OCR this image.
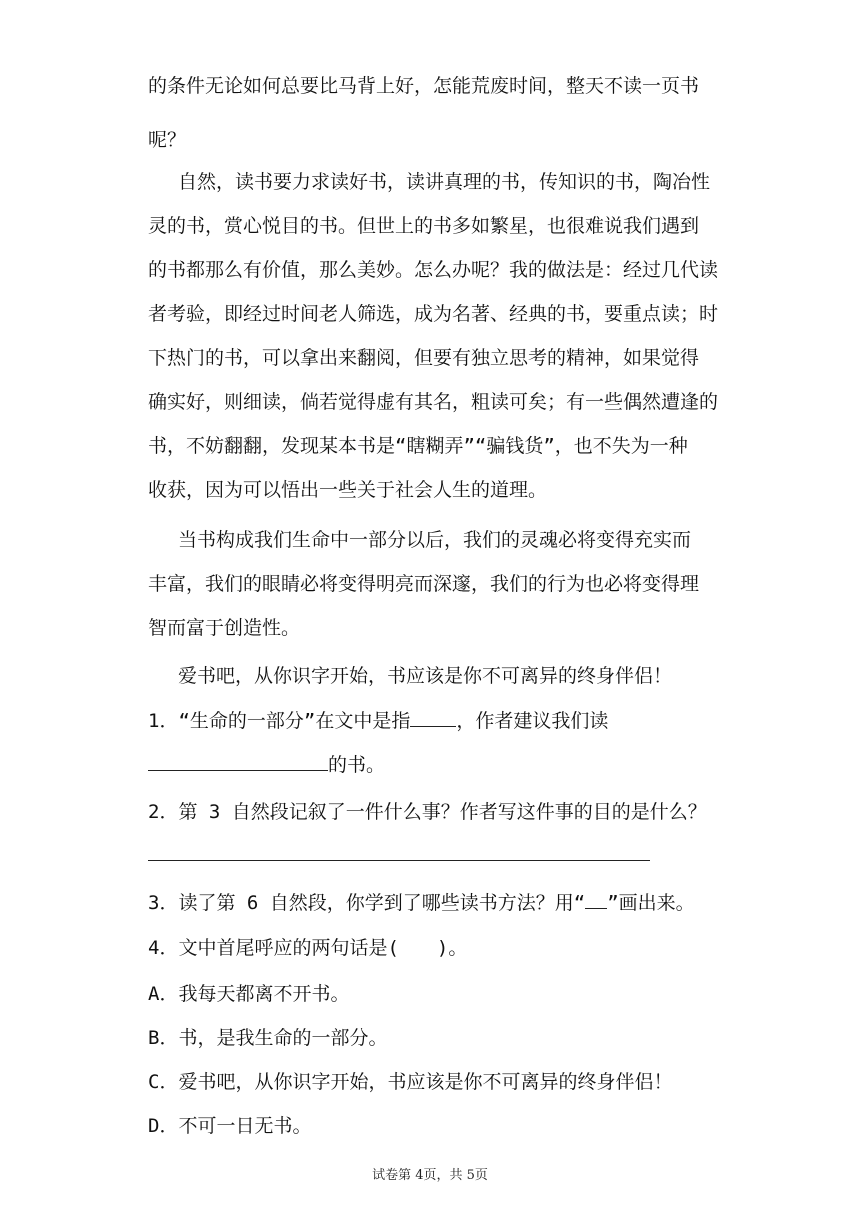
的条件无论如何总要比马背上好，怎能荒废时间，整天不读一页书
呢？
自然，读书要力求读好书，读讲真理的书，传知识的书，陶冶性
灵的书，赏心悦目的书。但世上的书多如繁星，也很难说我们遇到
的书都那么有价值，那么美妙。怎么办呢？我的做法是：经过几代读
者考验，即经过时间老人筛选，成为名著、经典的书，要重点读；时
下热门的书，可以拿出来翻阅，但要有独立思考的精神，如果觉得
确实好，则细读，倘若觉得虚有其名，粗读可矣；有一些偶然遭逢的
书，不妨翻翻，发现某本书是“瞎糊弄”“骗钱货”，也不失为一种
收获，因为可以悟出一些关于社会人生的道理。
当书构成我们生命中一部分以后，我们的灵魂必将变得充实而
丰富，我们的眼睛必将变得明亮而深邃，我们的行为也必将变得理
智而富于创造性。
爱书吧，从你识字开始，书应该是你不可离异的终身伴侣！
1．“生命的一部分”在文中是指 ，作者建议我们读
的书。
2．第 3 自然段记叙了一件什么事？作者写这件事的目的是什么？
3．读了第 6 自然段，你学到了哪些读书方法？用“ ”画出来。
4．文中首尾呼应的两句话是(　　)。
A．我每天都离不开书。
B．书，是我生命的一部分。
C．爱书吧，从你识字开始，书应该是你不可离异的终身伴侣！
D．不可一日无书。
试卷第 4页，共 5页
